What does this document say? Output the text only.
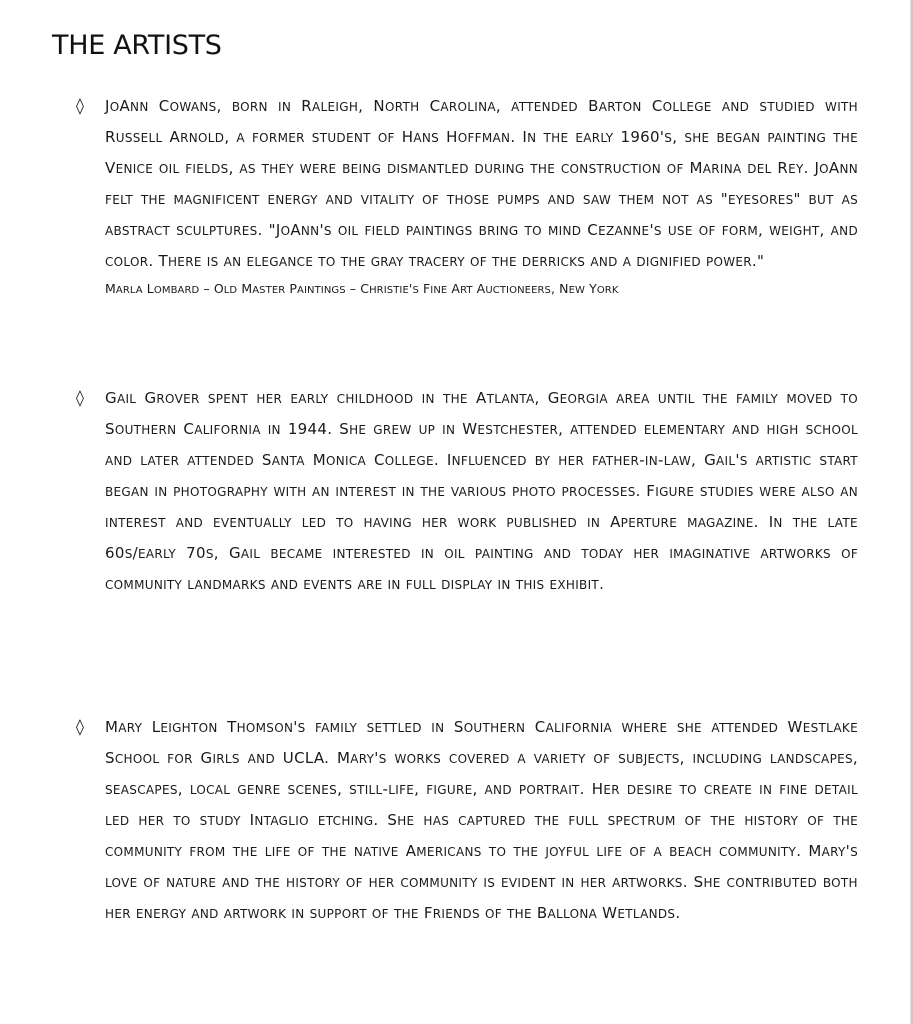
THE ARTISTS
◊ JOANN COWANS, BORN IN RALEIGH, NORTH CAROLINA, ATTENDED BARTON COLLEGE AND STUDIED WITH RUSSELL ARNOLD, A FORMER STUDENT OF HANS HOFFMAN. IN THE EARLY 1960'S, SHE BEGAN PAINTING THE VENICE OIL FIELDS, AS THEY WERE BEING DISMANTLED DURING THE CONSTRUCTION OF MARINA DEL REY. JOANN FELT THE MAGNIFICENT ENERGY AND VITALITY OF THOSE PUMPS AND SAW THEM NOT AS "EYESORES" BUT AS ABSTRACT SCULPTURES. "JOANN'S OIL FIELD PAINTINGS BRING TO MIND CEZANNE'S USE OF FORM, WEIGHT, AND COLOR. THERE IS AN ELEGANCE TO THE GRAY TRACERY OF THE DERRICKS AND A DIGNIFIED POWER."

MARLA LOMBARD – OLD MASTER PAINTINGS – CHRISTIE'S FINE ART AUCTIONEERS, NEW YORK
◊ GAIL GROVER SPENT HER EARLY CHILDHOOD IN THE ATLANTA, GEORGIA AREA UNTIL THE FAMILY MOVED TO SOUTHERN CALIFORNIA IN 1944. SHE GREW UP IN WESTCHESTER, ATTENDED ELEMENTARY AND HIGH SCHOOL AND LATER ATTENDED SANTA MONICA COLLEGE. INFLUENCED BY HER FATHER-IN-LAW, GAIL'S ARTISTIC START BEGAN IN PHOTOGRAPHY WITH AN INTEREST IN THE VARIOUS PHOTO PROCESSES. FIGURE STUDIES WERE ALSO AN INTEREST AND EVENTUALLY LED TO HAVING HER WORK PUBLISHED IN APERTURE MAGAZINE. IN THE LATE 60S/EARLY 70S, GAIL BECAME INTERESTED IN OIL PAINTING AND TODAY HER IMAGINATIVE ARTWORKS OF COMMUNITY LANDMARKS AND EVENTS ARE IN FULL DISPLAY IN THIS EXHIBIT.

◊ MARY LEIGHTON THOMSON'S FAMILY SETTLED IN SOUTHERN CALIFORNIA WHERE SHE ATTENDED WESTLAKE SCHOOL FOR GIRLS AND UCLA. MARY'S WORKS COVERED A VARIETY OF SUBJECTS, INCLUDING LANDSCAPES, SEASCAPES, LOCAL GENRE SCENES, STILL-LIFE, FIGURE, AND PORTRAIT. HER DESIRE TO CREATE IN FINE DETAIL LED HER TO STUDY INTAGLIO ETCHING. SHE HAS CAPTURED THE FULL SPECTRUM OF THE HISTORY OF THE COMMUNITY FROM THE LIFE OF THE NATIVE AMERICANS TO THE JOYFUL LIFE OF A BEACH COMMUNITY. MARY'S LOVE OF NATURE AND THE HISTORY OF HER COMMUNITY IS EVIDENT IN HER ARTWORKS. SHE CONTRIBUTED BOTH HER ENERGY AND ARTWORK IN SUPPORT OF THE FRIENDS OF THE BALLONA WETLANDS.
